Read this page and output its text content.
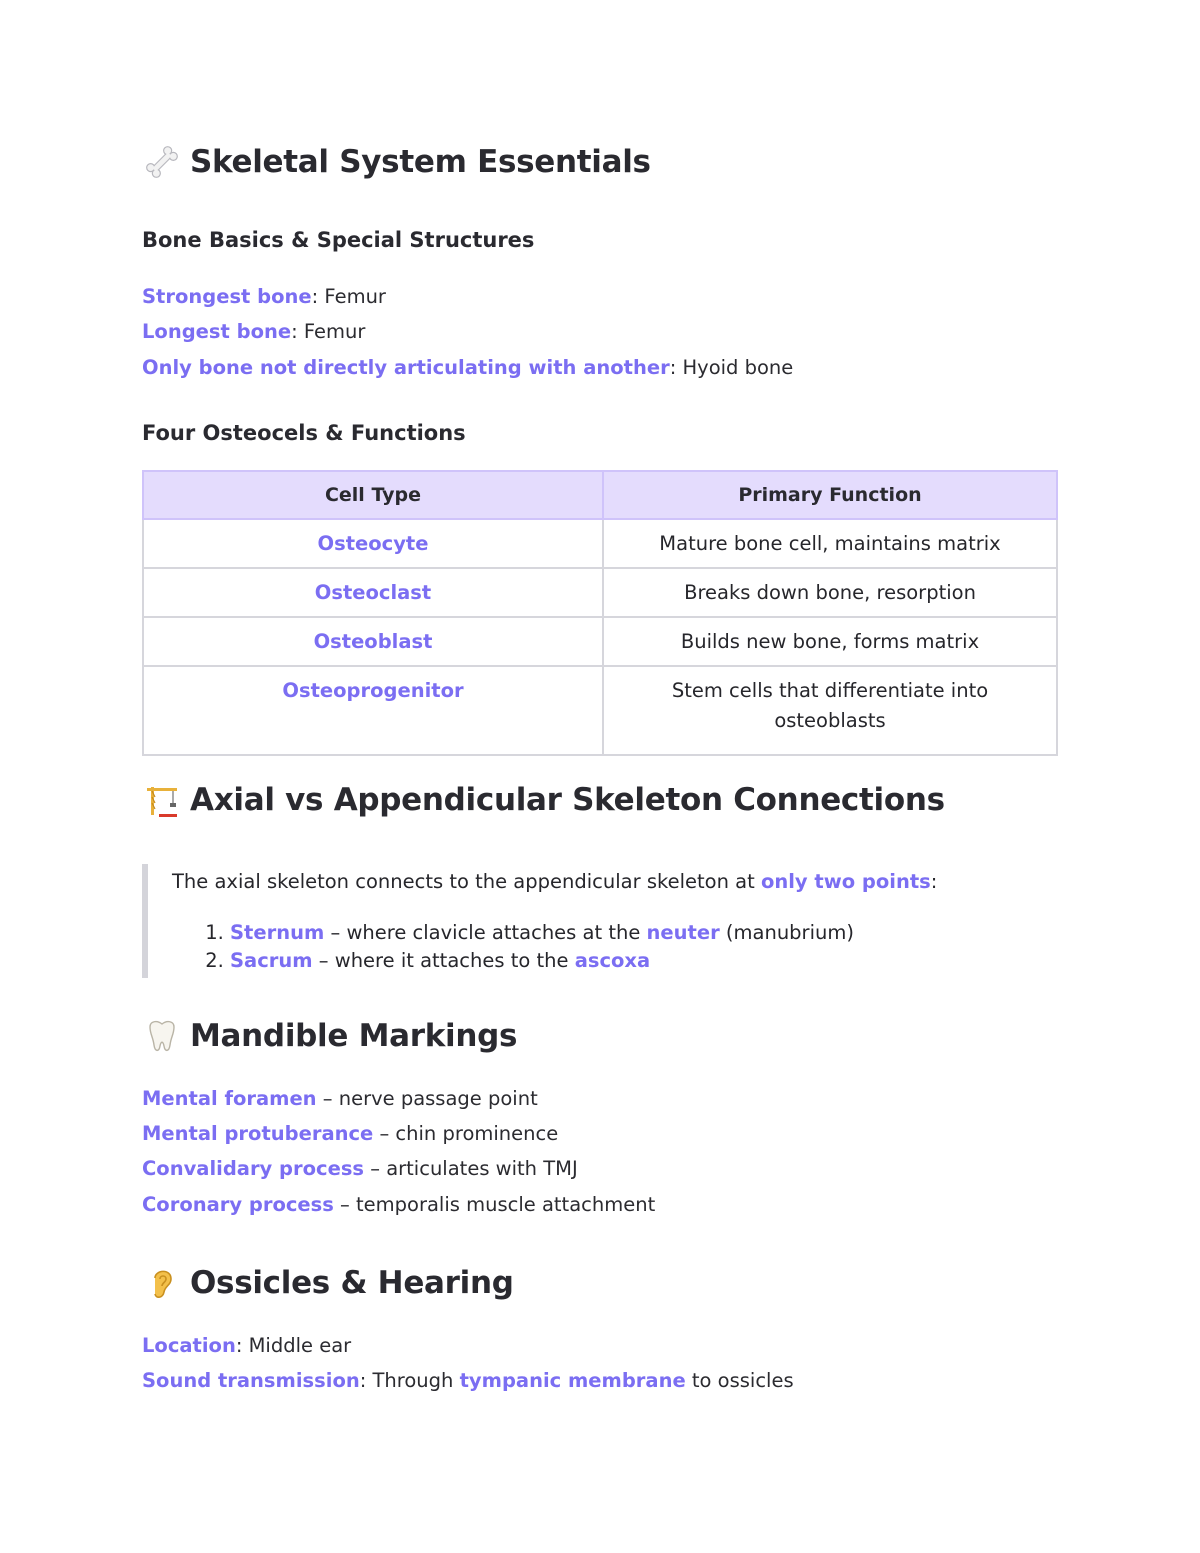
Skeletal System Essentials
Bone Basics & Special Structures
Strongest bone: Femur
Longest bone: Femur
Only bone not directly articulating with another: Hyoid bone
Four Osteocels & Functions
Cell Type	Primary Function
Osteocyte	Mature bone cell, maintains matrix
Osteoclast	Breaks down bone, resorption
Osteoblast	Builds new bone, forms matrix
Osteoprogenitor	Stem cells that differentiate into
osteoblasts
Axial vs Appendicular Skeleton Connections
The axial skeleton connects to the appendicular skeleton at only two points:
1. Sternum – where clavicle attaches at the neuter (manubrium)
2. Sacrum – where it attaches to the ascoxa
Mandible Markings
Mental foramen – nerve passage point
Mental protuberance – chin prominence
Convalidary process – articulates with TMJ
Coronary process – temporalis muscle attachment
Ossicles & Hearing
Location: Middle ear
Sound transmission: Through tympanic membrane to ossicles
